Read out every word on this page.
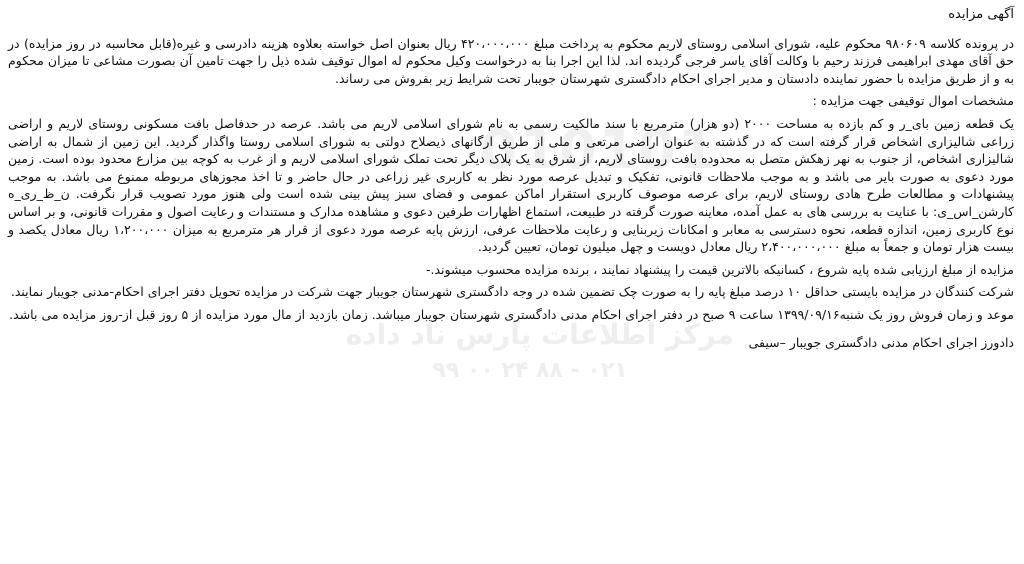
010101
مرکز اطلاعات پارس ناد داده
۰۲۱ - ۸۸ ۲۴ ۰۰ ۹۹

آگهی مزایده

در پرونده کلاسه ۹۸۰۶۰۹ محکوم علیه، شورای اسلامی روستای لاریم محکوم به پرداخت مبلغ ۴۲۰،۰۰۰،۰۰۰ ریال بعنوان اصل خواسته بعلاوه هزینه دادرسی و غیره(قابل محاسبه در روز مزایده) در حق آقای مهدی ابراهیمی فرزند رحیم با وکالت آقای یاسر فرجی گردیده اند. لذا این اجرا بنا به درخواست وکیل محکوم له اموال توقیف شده ذیل را جهت تامین آن بصورت مشاعی تا میزان محکوم به و از طریق مزایده با حضور نماینده دادستان و مدیر اجرای احکام دادگستری شهرستان جویبار تحت شرایط زیر بفروش می رساند.

مشخصات اموال توقیفی جهت مزایده :

یک قطعه زمین بای_ر و کم بازده به مساحت ۲۰۰۰ (دو هزار) مترمربع با سند مالکیت رسمی به نام شورای اسلامی لاریم می باشد. عرصه در حدفاصل بافت مسکونی روستای لاریم و اراضی زراعی شالیزاری اشخاص قرار گرفته است که در گذشته به عنوان اراضی مرتعی و ملی از طریق ارگانهای ذیصلاح دولتی به شورای اسلامی روستا واگذار گردید. این زمین از شمال به اراضی شالیزاری اشخاص، از جنوب به نهر زهکش متصل به محدوده بافت روستای لاریم، از شرق به یک پلاک دیگر تحت تملک شورای اسلامی لاریم و از غرب به کوچه بین مزارع محدود بوده است. زمین مورد دعوی به صورت بایر می باشد و به موجب ملاحظات قانونی، تفکیک و تبدیل عرصه مورد نظر به کاربری غیر زراعی در حال حاضر و تا اخذ مجوزهای مربوطه ممنوع می باشد. به موجب پیشنهادات و مطالعات طرح هادی روستای لاریم، برای عرصه موصوف کاربری استقرار اماکن عمومی و فضای سبز پیش بینی شده است ولی هنوز مورد تصویب قرار نگرفت. ن_ظ_ری_ه کارشن_اس_ی: با عنایت به بررسی های به عمل آمده، معاینه صورت گرفته در طبیعت، استماع اظهارات طرفین دعوی و مشاهده مدارک و مستندات و رعایت اصول و مقررات قانونی، و بر اساس نوع کاربری زمین، اندازه قطعه، نحوه دسترسی به معابر و امکانات زیربنایی و رعایت ملاحظات عرفی، ارزش پایه عرصه مورد دعوی از قرار هر مترمربع به میزان ۱،۲۰۰،۰۰۰ ریال معادل یکصد و بیست هزار تومان و جمعاً به مبلغ ۲،۴۰۰،۰۰۰،۰۰۰ ریال معادل دویست و چهل میلیون تومان، تعیین گردید.

مزایده از مبلغ ارزیابی شده پایه شروع ، کسانیکه بالاترین قیمت را پیشنهاد نمایند ، برنده مزایده محسوب میشوند.-

شرکت کنندگان در مزایده بایستی حداقل ۱۰ درصد مبلغ پایه را به صورت چک تضمین شده در وجه دادگستری شهرستان جویبار جهت شرکت در مزایده تحویل دفتر اجرای احکام-مدنی جویبار نمایند.

موعد و زمان فروش روز یک شنبه۱۳۹۹/۰۹/۱۶ ساعت ۹ صبح در دفتر اجرای احکام مدنی دادگستری شهرستان جویبار میباشد. زمان بازدید از مال مورد مزایده از ۵ روز قبل از-روز مزایده می باشد.

دادورز اجرای احکام مدنی دادگستری جویبار –سیفی
